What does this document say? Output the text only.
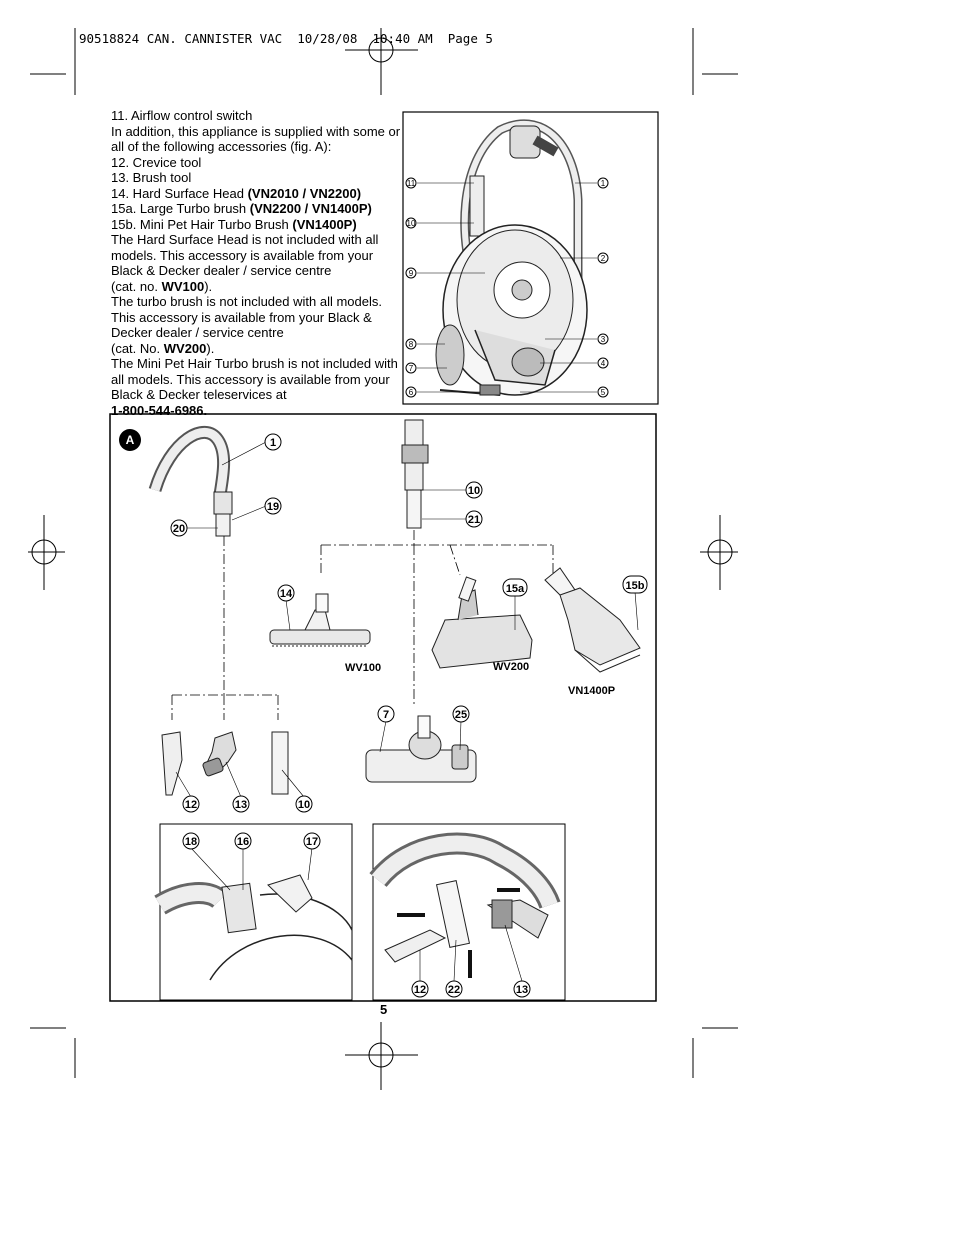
90518824 CAN. CANNISTER VAC  10/28/08  10:40 AM  Page 5

11. Airflow control switch

In addition, this appliance is supplied with some or all of the following accessories (fig. A):

12. Crevice tool

13. Brush tool

14. Hard Surface Head (VN2010 / VN2200)

15a. Large Turbo brush (VN2200 / VN1400P)

15b. Mini Pet Hair Turbo Brush (VN1400P)

The Hard Surface Head is not included with all models. This accessory is available from your Black & Decker dealer / service centre

(cat. no. WV100).

The turbo brush is not included with all models. This accessory is available from your Black & Decker dealer / service centre

(cat. No. WV200).

The Mini Pet Hair Turbo brush is not included with all models. This accessory is available from your Black & Decker teleservices at

1-800-544-6986.

11
10
9
8
7
6
1
2
3
4
5
A	1
19
20
10
21
14	15a	15b
7	25
12	13	10
18	16	17
12 22	13
WV100	WV200
VN1400P
5
